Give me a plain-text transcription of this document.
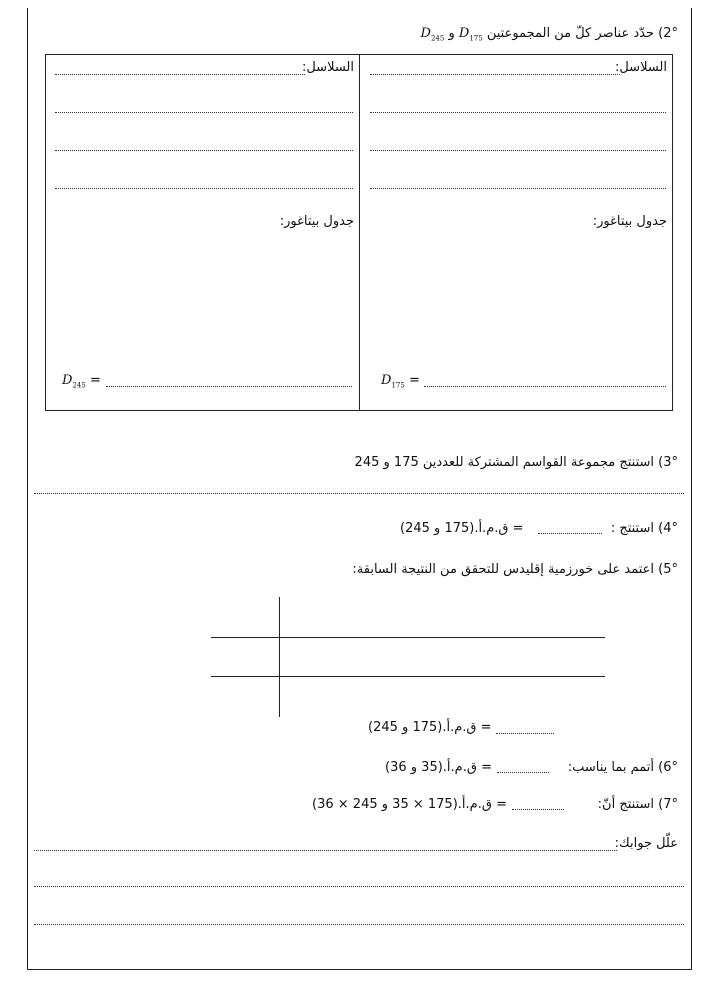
2°) حدّد عناصر كلّ من المجموعتين $D_{175}$ و $D_{245}$
السلاسل:
جدول بيتاغور:
$D_{175}$ =
السلاسل:
جدول بيتاغور:
$D_{245}$ =
3°) استنتج مجموعة القواسم المشتركة للعددين 175 و 245
4°) استنتج :
= ق.م.أ.(175 و 245)
5°) اعتمد على خورزمية إقليدس للتحقق من النتيجة السابقة:
= ق.م.أ.(175 و 245)
6°) أتمم بما يناسب:
= ق.م.أ.(35 و 36)
7°) استنتج أنّ:
= ق.م.أ.(175 × 35 و 245 × 36)
علّل جوابك:
